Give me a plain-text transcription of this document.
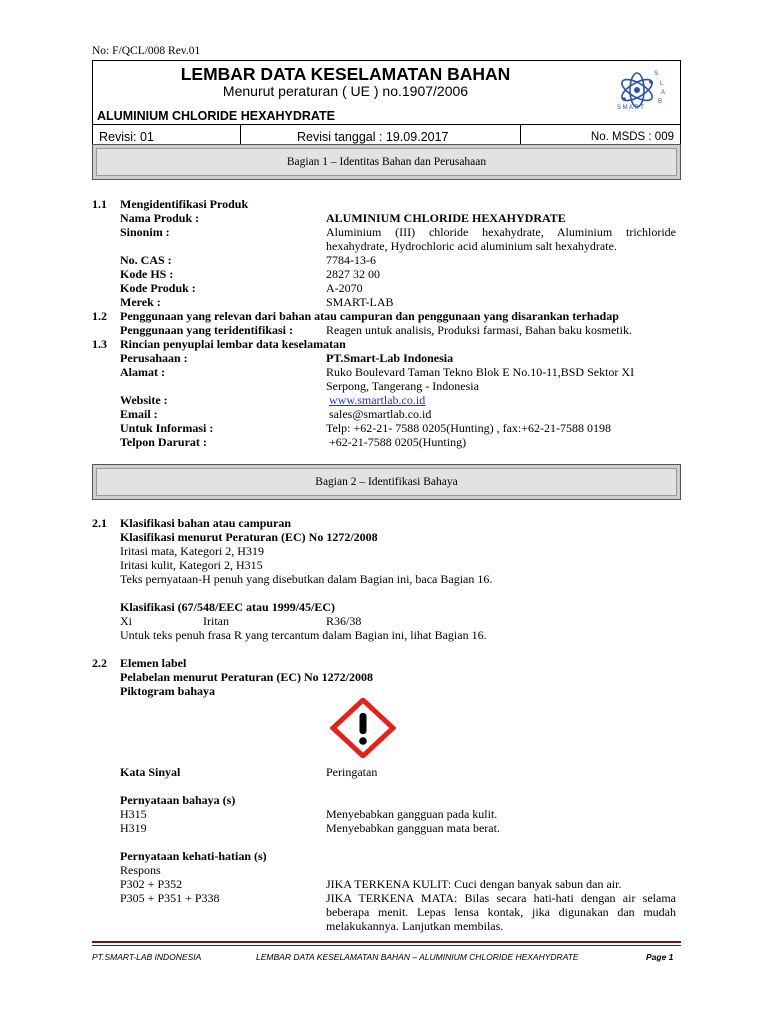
No: F/QCL/008 Rev.01
LEMBAR DATA KESELAMATAN BAHAN
Menurut peraturan ( UE ) no.1907/2006
ALUMINIUM CHLORIDE HEXAHYDRATE
S
L
A
B
S M A R T
Revisi: 01	Revisi tanggal : 19.09.2017	No. MSDS : 009
Bagian 1 – Identitas Bahan dan Perusahaan
1.1 Mengidentifikasi Produk
Nama Produk :	ALUMINIUM CHLORIDE HEXAHYDRATE
Sinonim :	Aluminium (III) chloride hexahydrate, Aluminium trichloride
hexahydrate, Hydrochloric acid aluminium salt hexahydrate.
No. CAS :	7784-13-6
Kode HS :	2827 32 00
Kode Produk :	A-2070
Merek :	SMART-LAB
1.2 Penggunaan yang relevan dari bahan atau campuran dan penggunaan yang disarankan terhadap
Penggunaan yang teridentifikasi :	Reagen untuk analisis, Produksi farmasi, Bahan baku kosmetik.
1.3 Rincian penyuplai lembar data keselamatan
Perusahaan :	PT.Smart-Lab Indonesia
Alamat :	Ruko Boulevard Taman Tekno Blok E No.10-11,BSD Sektor XI
Serpong, Tangerang - Indonesia
Website :	www.smartlab.co.id
Email :	sales@smartlab.co.id
Untuk Informasi :	Telp: +62-21- 7588 0205(Hunting) , fax:+62-21-7588 0198
Telpon Darurat :	+62-21-7588 0205(Hunting)
Bagian 2 – Identifikasi Bahaya
2.1 Klasifikasi bahan atau campuran
Klasifikasi menurut Peraturan (EC) No 1272/2008
Iritasi mata, Kategori 2, H319
Iritasi kulit, Kategori 2, H315
Teks pernyataan-H penuh yang disebutkan dalam Bagian ini, baca Bagian 16.
Klasifikasi (67/548/EEC atau 1999/45/EC)
Xi	Iritan	R36/38
Untuk teks penuh frasa R yang tercantum dalam Bagian ini, lihat Bagian 16.
2.2 Elemen label
Pelabelan menurut Peraturan (EC) No 1272/2008
Piktogram bahaya
Kata Sinyal	Peringatan
Pernyataan bahaya (s)
H315	Menyebabkan gangguan pada kulit.
H319	Menyebabkan gangguan mata berat.
Pernyataan kehati-hatian (s)
Respons
P302 + P352	JIKA TERKENA KULIT: Cuci dengan banyak sabun dan air.
P305 + P351 + P338	JIKA TERKENA MATA: Bilas secara hati-hati dengan air selama
beberapa menit. Lepas lensa kontak, jika digunakan dan mudah
melakukannya. Lanjutkan membilas.
PT.SMART-LAB INDONESIA	LEMBAR DATA KESELAMATAN BAHAN – ALUMINIUM CHLORIDE HEXAHYDRATE	Page 1
